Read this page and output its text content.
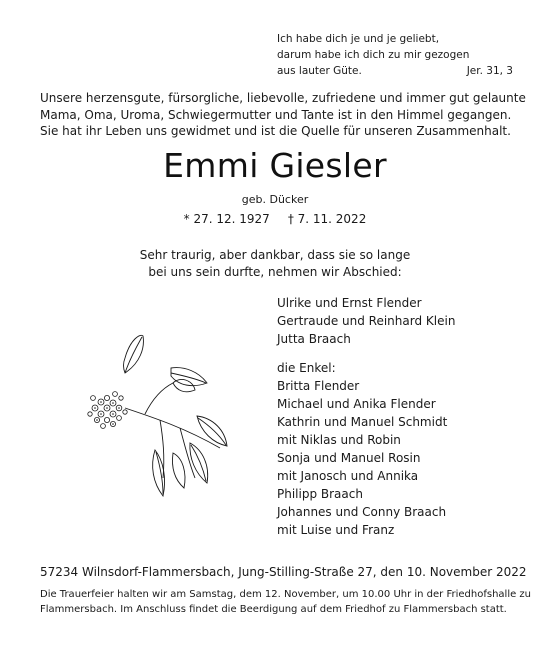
Ich habe dich je und je geliebt,
darum habe ich dich zu mir gezogen
aus lauter Güte.	Jer. 31, 3
Unsere herzensgute, fürsorgliche, liebevolle, zufriedene und immer gut gelaunte
Mama, Oma, Uroma, Schwiegermutter und Tante ist in den Himmel gegangen.
Sie hat ihr Leben uns gewidmet und ist die Quelle für unseren Zusammenhalt.
Emmi Giesler
geb. Dücker
* 27. 12. 1927 † 7. 11. 2022
Sehr traurig, aber dankbar, dass sie so lange
bei uns sein durfte, nehmen wir Abschied:
Ulrike und Ernst Flender
Gertraude und Reinhard Klein
Jutta Braach
die Enkel:
Britta Flender
Michael und Anika Flender
Kathrin und Manuel Schmidt
mit Niklas und Robin
Sonja und Manuel Rosin
mit Janosch und Annika
Philipp Braach
Johannes und Conny Braach
mit Luise und Franz
57234 Wilnsdorf-Flammersbach, Jung-Stilling-Straße 27, den 10. November 2022
Die Trauerfeier halten wir am Samstag, dem 12. November, um 10.00 Uhr in der Friedhofshalle zu
Flammersbach. Im Anschluss findet die Beerdigung auf dem Friedhof zu Flammersbach statt.
